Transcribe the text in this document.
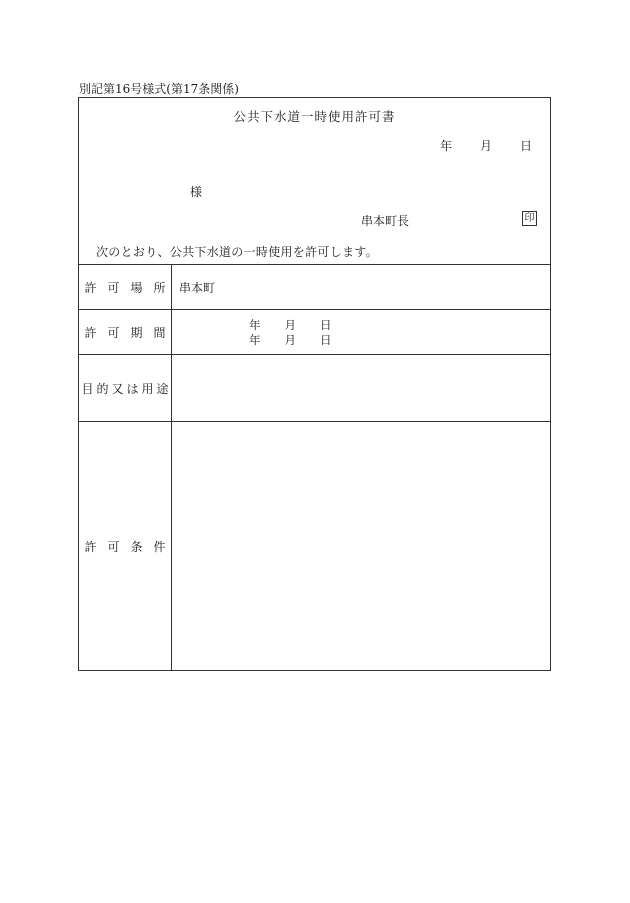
別記第16号様式(第17条関係)
公共下水道一時使用許可書
年 月 日
様
串本町長	印
次のとおり、公共下水道の一時使用を許可します。
許可場所 串本町
許可期間
年 月 日
年 月 日
目的又は用途
許可条件
